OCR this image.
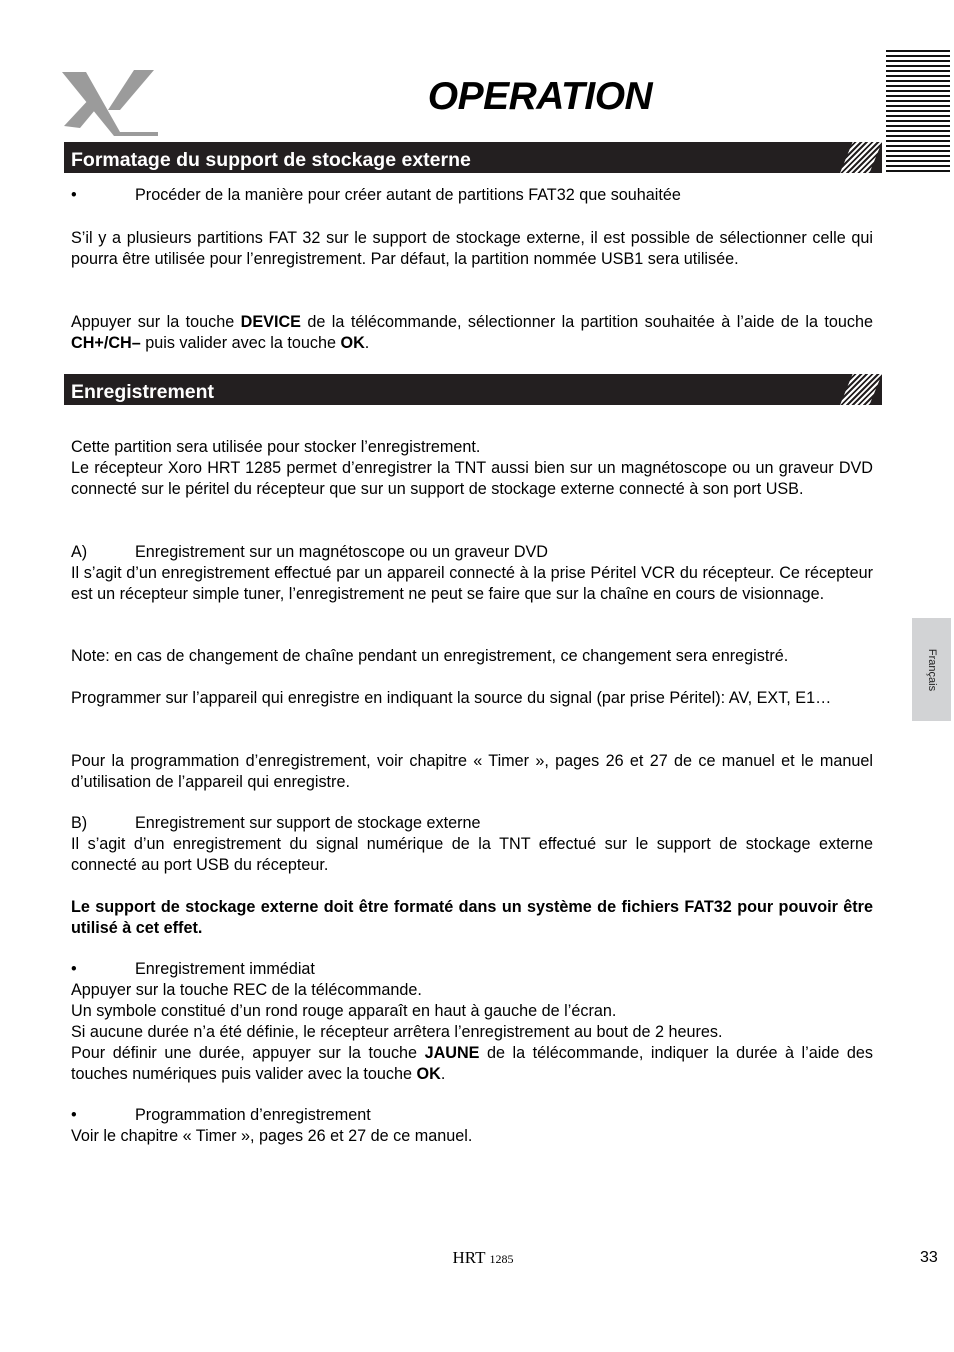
OPERATION
Formatage du support de stockage externe
•	Procéder de la manière pour créer autant de partitions FAT32 que souhaitée
S’il y a plusieurs partitions FAT 32 sur le support de stockage externe, il est possible de sélectionner celle qui pourra être utilisée pour l’enregistrement. Par défaut, la partition nommée USB1 sera utilisée.
Appuyer sur la touche DEVICE de la télécommande, sélectionner la partition souhaitée à l’aide de la touche CH+/CH– puis valider avec la touche OK.
Enregistrement
Cette partition sera utilisée pour stocker l’enregistrement.
Le récepteur Xoro HRT 1285 permet d’enregistrer la TNT aussi bien sur un magnétoscope ou un graveur DVD connecté sur le péritel du récepteur que sur un support de stockage externe connecté à son port USB.
A)	Enregistrement sur un magnétoscope ou un graveur DVD
Il s’agit d’un enregistrement effectué par un appareil connecté à la prise Péritel VCR du récepteur. Ce récepteur est un récepteur simple tuner, l’enregistrement ne peut se faire que sur la chaîne en cours de visionnage.
Note: en cas de changement de chaîne pendant un enregistrement, ce changement sera enregistré.
Programmer sur l’appareil qui enregistre en indiquant la source du signal (par prise Péritel): AV, EXT, E1…
Pour la programmation d’enregistrement, voir chapitre « Timer », pages 26 et 27 de ce manuel et le manuel d’utilisation de l’appareil qui enregistre.
B)	Enregistrement sur support de stockage externe
Il s’agit d’un enregistrement du signal numérique de la TNT effectué sur le support de stockage externe connecté au port USB du récepteur.
Le support de stockage externe doit être formaté dans un système de fichiers FAT32 pour pouvoir être utilisé à cet effet.
•	Enregistrement immédiat
Appuyer sur la touche REC de la télécommande.
Un symbole constitué d’un rond rouge apparaît en haut à gauche de l’écran.
Si aucune durée n’a été définie, le récepteur arrêtera l’enregistrement au bout de 2 heures.
Pour définir une durée, appuyer sur la touche JAUNE de la télécommande, indiquer la durée à l’aide des touches numériques puis valider avec la touche OK.
•	Programmation d’enregistrement
Voir le chapitre « Timer », pages 26 et 27 de ce manuel.
Français
HRT 1285	33
